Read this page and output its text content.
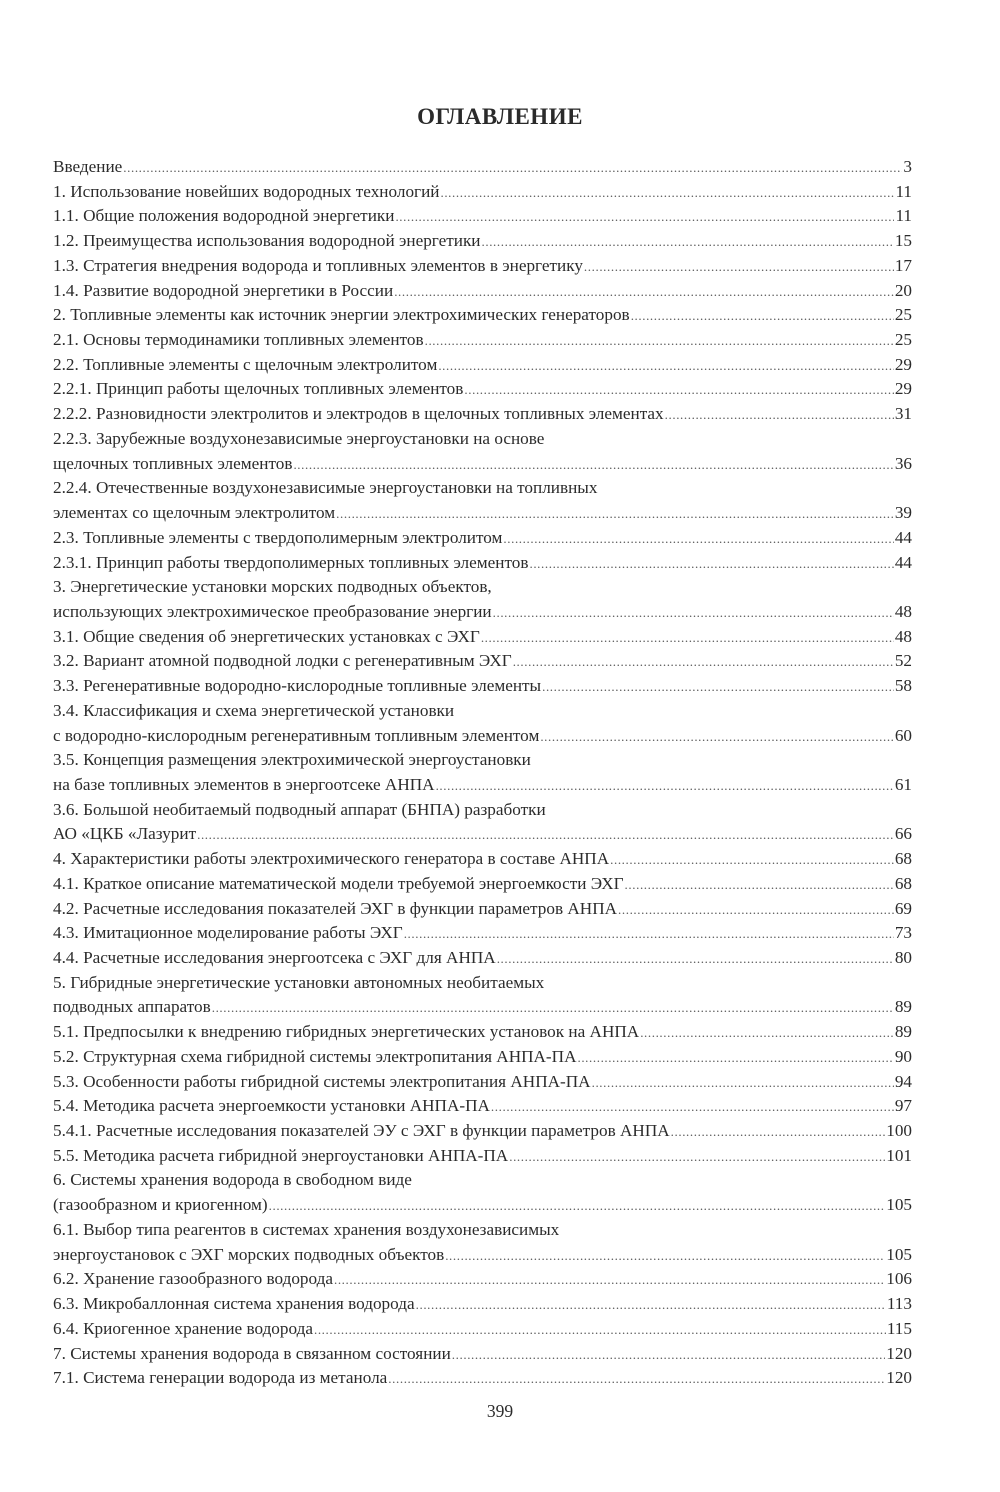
ОГЛАВЛЕНИЕ
Введение .....	3
1. Использование новейших водородных технологий .....	11
1.1. Общие положения водородной энергетики .....	11
1.2. Преимущества использования водородной энергетики .....	15
1.3. Стратегия внедрения водорода и топливных элементов в энергетику .....	17
1.4. Развитие водородной энергетики в России .....	20
2. Топливные элементы как источник энергии электрохимических генераторов .....	25
2.1. Основы термодинамики топливных элементов .....	25
2.2. Топливные элементы с щелочным электролитом .....	29
2.2.1. Принцип работы щелочных топливных элементов .....	29
2.2.2. Разновидности электролитов и электродов в щелочных топливных элементах .....	31
2.2.3. Зарубежные воздухонезависимые энергоустановки на основе
щелочных топливных элементов .....	36
2.2.4. Отечественные воздухонезависимые энергоустановки на топливных
элементах со щелочным электролитом .....	39
2.3. Топливные элементы с твердополимерным электролитом .....	44
2.3.1. Принцип работы твердополимерных топливных элементов .....	44
3. Энергетические установки морских подводных объектов,
использующих электрохимическое преобразование энергии .....	48
3.1. Общие сведения об энергетических установках с ЭХГ .....	48
3.2. Вариант атомной подводной лодки с регенеративным ЭХГ .....	52
3.3. Регенеративные водородно-кислородные топливные элементы .....	58
3.4. Классификация и схема энергетической установки
с водородно-кислородным регенеративным топливным элементом .....	60
3.5. Концепция размещения электрохимической энергоустановки
на базе топливных элементов в энергоотсеке АНПА .....	61
3.6. Большой необитаемый подводный аппарат (БНПА) разработки
АО «ЦКБ «Лазурит .....	66
4. Характеристики работы электрохимического генератора в составе АНПА .....	68
4.1. Краткое описание математической модели требуемой энергоемкости ЭХГ .....	68
4.2. Расчетные исследования показателей ЭХГ в функции параметров АНПА .....	69
4.3. Имитационное моделирование работы ЭХГ .....	73
4.4. Расчетные исследования энергоотсека с ЭХГ для АНПА .....	80
5. Гибридные энергетические установки автономных необитаемых
подводных аппаратов .....	89
5.1. Предпосылки к внедрению гибридных энергетических установок на АНПА .....	89
5.2. Структурная схема гибридной системы электропитания АНПА-ПА .....	90
5.3. Особенности работы гибридной системы электропитания АНПА-ПА .....	94
5.4. Методика расчета энергоемкости установки АНПА-ПА .....	97
5.4.1. Расчетные исследования показателей ЭУ с ЭХГ в функции параметров АНПА .....	100
5.5. Методика расчета гибридной энергоустановки АНПА-ПА .....	101
6. Системы хранения водорода в свободном виде
(газообразном и криогенном) .....	105
6.1. Выбор типа реагентов в системах хранения воздухонезависимых
энергоустановок с ЭХГ морских подводных объектов .....	105
6.2. Хранение газообразного водорода .....	106
6.3. Микробаллонная система хранения водорода .....	113
6.4. Криогенное хранение водорода .....	115
7. Системы хранения водорода в связанном состоянии .....	120
7.1. Система генерации водорода из метанола .....	120
399
